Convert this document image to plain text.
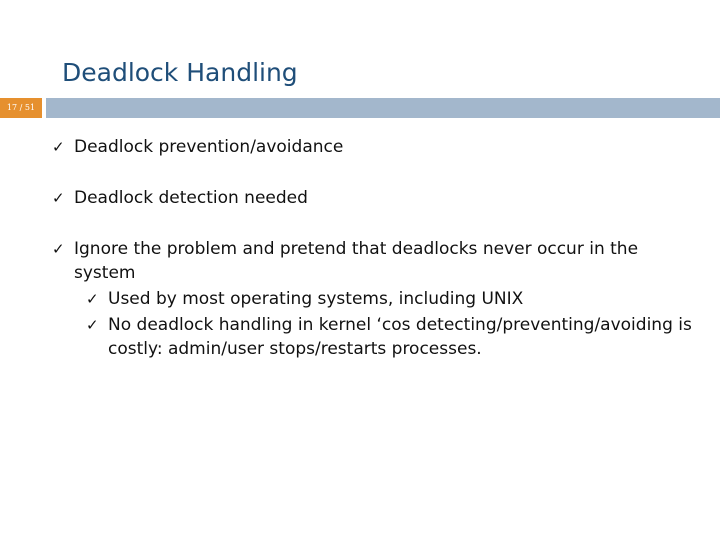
Deadlock Handling
17 / 51
✓ Deadlock prevention/avoidance
✓ Deadlock detection needed
✓ Ignore the problem and pretend that deadlocks never occur in the system
✓ Used by most operating systems, including UNIX
✓ No deadlock handling in kernel ‘cos detecting/preventing/avoiding is costly: admin/user stops/restarts processes.
